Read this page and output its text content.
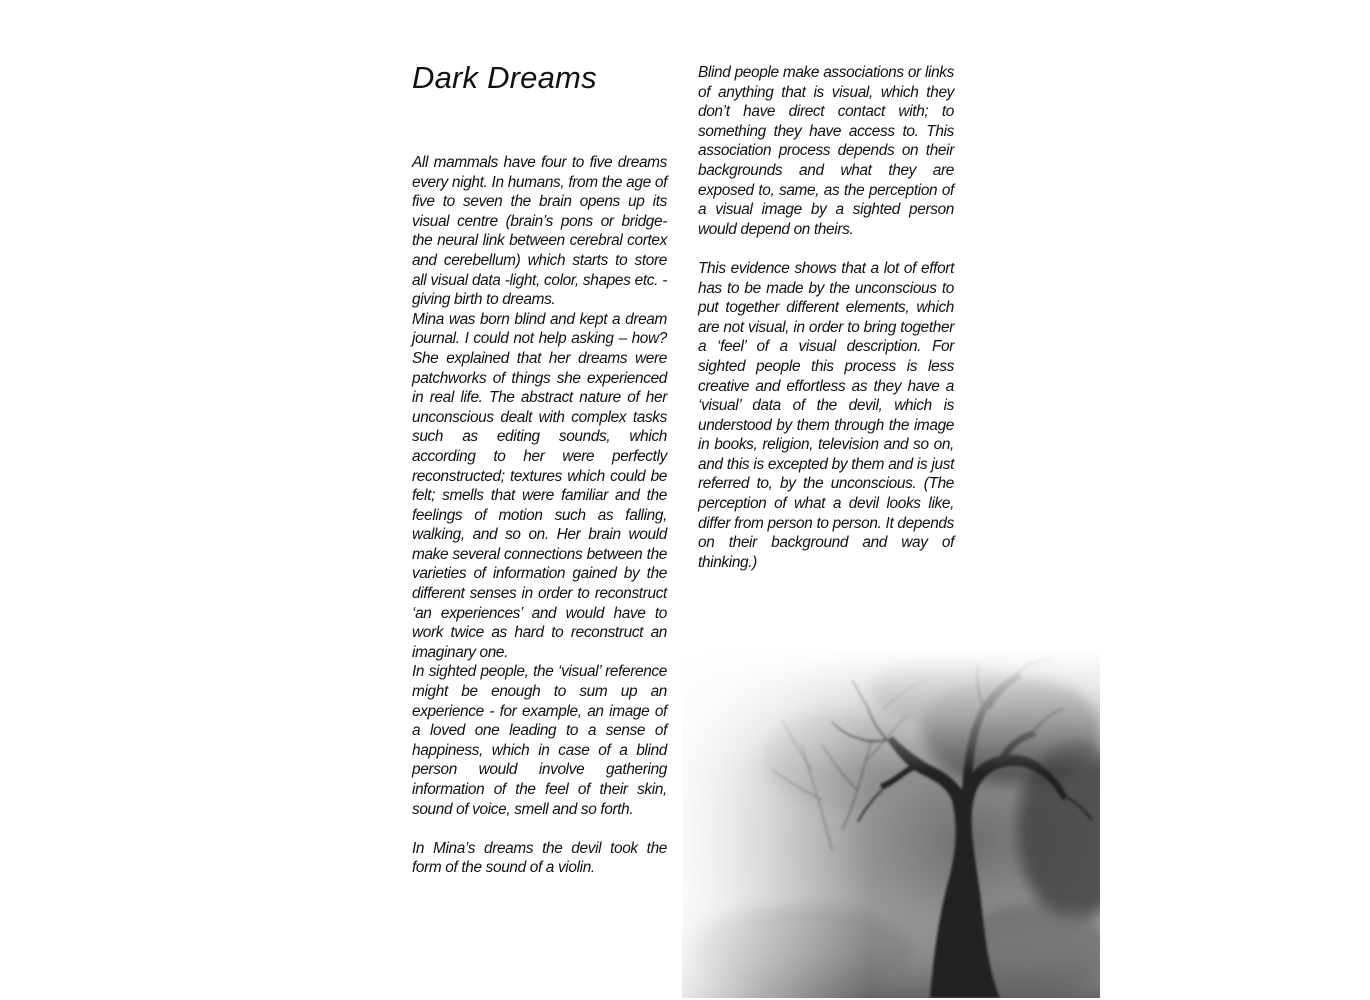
Dark Dreams

All mammals have four to five dreams every night. In humans, from the age of five to seven the brain opens up its visual centre (brain’s pons or bridge- the neural link between cerebral cortex and cerebellum) which starts to store all visual data -light, color, shapes etc. - giving birth to dreams.

Mina was born blind and kept a dream journal. I could not help asking – how? She explained that her dreams were patchworks of things she experienced in real life. The abstract nature of her unconscious dealt with complex tasks such as editing sounds, which according to her were perfectly reconstructed; textures which could be felt; smells that were familiar and the feelings of motion such as falling, walking, and so on. Her brain would make several connections between the varieties of information gained by the different senses in order to reconstruct ‘an experiences’ and would have to work twice as hard to reconstruct an imaginary one.

In sighted people, the ‘visual’ reference might be enough to sum up an experience - for example, an image of a loved one leading to a sense of happiness, which in case of a blind person would involve gathering information of the feel of their skin, sound of voice, smell and so forth.

In Mina’s dreams the devil took the form of the sound of a violin.

Blind people make associations or links of anything that is visual, which they don’t have direct contact with; to something they have access to. This association process depends on their backgrounds and what they are exposed to, same, as the perception of a visual image by a sighted person would depend on theirs.

This evidence shows that a lot of effort has to be made by the unconscious to put together different elements, which are not visual, in order to bring together a ‘feel’ of a visual description. For sighted people this process is less creative and effortless as they have a ‘visual’ data of the devil, which is understood by them through the image in books, religion, television and so on, and this is excepted by them and is just referred to, by the unconscious. (The perception of what a devil looks like, differ from person to person. It depends on their background and way of thinking.)
